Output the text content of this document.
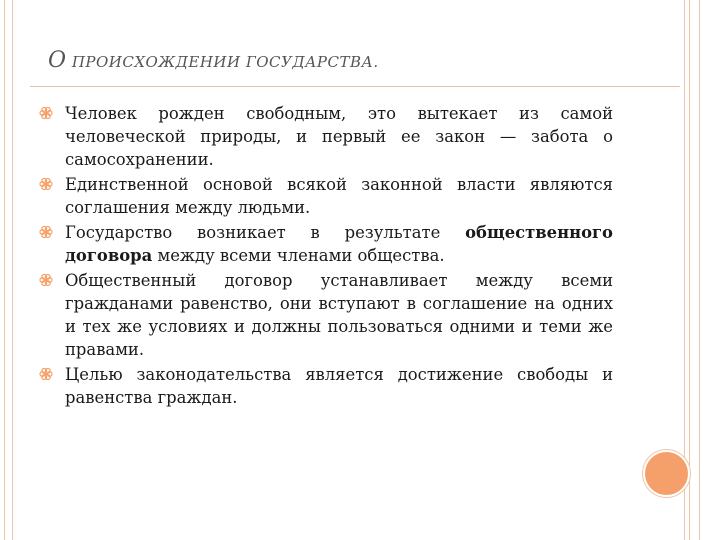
О ПРОИСХОЖДЕНИИ ГОСУДАРСТВА.
Человек рожден свободным, это вытекает из самой человеческой природы, и первый ее закон — забота о самосохранении.
Единственной основой всякой законной власти являются соглашения между людьми.
Государство возникает в результате общественного договора между всеми членами общества.
Общественный договор устанавливает между всеми гражданами равенство, они вступают в соглашение на одних и тех же условиях и должны пользоваться одними и теми же правами.
Целью законодательства является достижение свободы и равенства граждан.
